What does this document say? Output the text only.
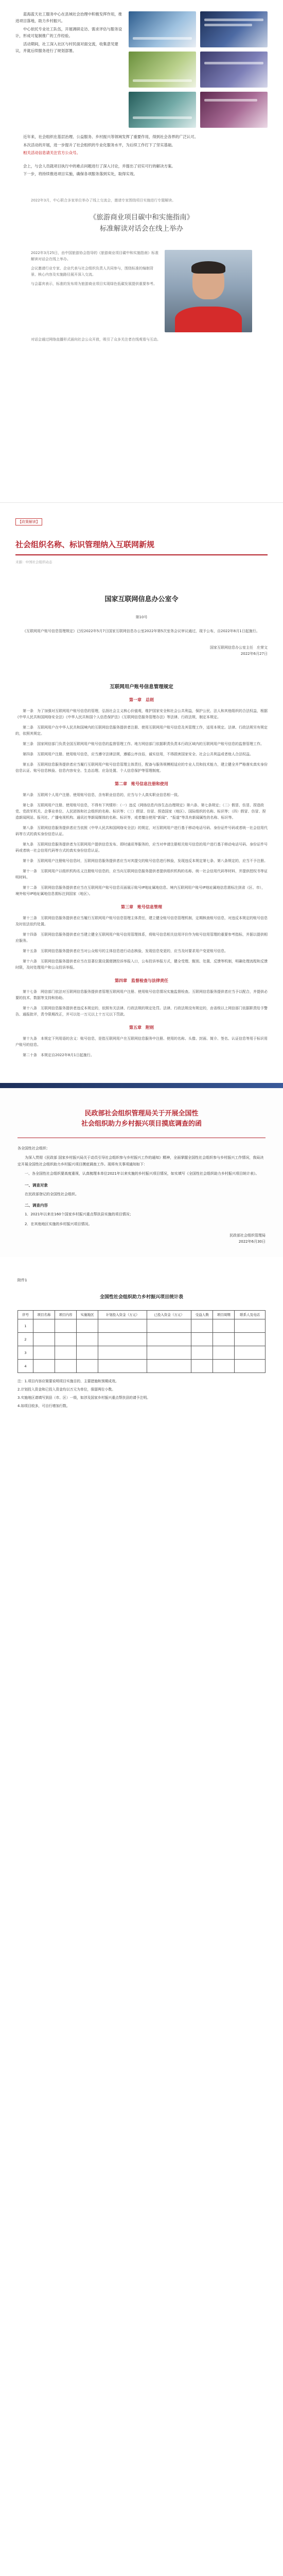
蓝海蓝天社工服务中心在县域社会治理中积极发挥作用，推进项目落地，助力乡村振兴。

中心依托专业社工队伍，开展调研走访、需求评估与服务设计，形成可复制推广的工作经验。

活动期间，社工深入社区与村民面对面交流，收集意见建议，并就后续服务进行了规划部署。

近年来，社会组织在基层治理、公益服务、乡村振兴等领域发挥了重要作用，得到社会各界的广泛认可。

本次活动的开展，进一步提升了社会组织的专业化服务水平，为后续工作打下了坚实基础。

相关活动信息请关注官方公众号。

会上，与会人员就项目执行中的难点问题进行了深入讨论，并提出了切实可行的解决方案。

下一步，将持续推进项目实施，确保各项服务落到实处，取得实效。

2022年3月，中心联合多家单位举办了线上交流会，邀请专家围绕项目实施进行专题解读。
《旅游商业项目碳中和实施指南》
标准解读对话会在线上举办

2022年3月25日，由中国旅游协会指导的《旅游商业项目碳中和实施指南》标准解读对话会在线上举办。

会议邀请行业专家、企业代表与社会组织负责人共同参与，围绕标准的编制背景、核心内容及实施路径展开深入交流。

与会嘉宾表示，标准的发布将为旅游商业项目实现绿色低碳发展提供重要参考。

对话会通过网络直播形式面向社会公众开放，吸引了众多关注者在线观看与互动。
【政策解读】
社会组织名称、标识管理纳入互联网新规
来源：中国社会组织动态
国家互联网信息办公室令
第10号
《互联网用户账号信息管理规定》已经2022年5月7日国家互联网信息办公室2022年第5次室务会议审议通过，现予公布，自2022年8月1日起施行。
国家互联网信息办公室主任　庄荣文
2022年6月27日
互联网用户账号信息管理规定
第一章　总则

第一条　为了加强对互联网用户账号信息的管理，弘扬社会主义核心价值观，维护国家安全和社会公共利益，保护公民、法人和其他组织的合法权益，根据《中华人民共和国网络安全法》《中华人民共和国个人信息保护法》《互联网信息服务管理办法》等法律、行政法规，制定本规定。

第二条　互联网用户在中华人民共和国境内的互联网信息服务提供者注册、使用互联网用户账号信息及其管理工作，适用本规定。法律、行政法规另有规定的，依照其规定。

第三条　国家网信部门负责全国互联网用户账号信息的监督管理工作。地方网信部门依据职责负责本行政区域内的互联网用户账号信息的监督管理工作。

第四条　互联网用户注册、使用账号信息，应当遵守法律法规，遵循公序良俗，诚实信用，不得损害国家安全、社会公共利益或者他人合法权益。

第五条　互联网信息服务提供者应当履行互联网用户账号信息管理主体责任，配备与服务规模相适应的专业人员和技术能力，建立健全并严格落实真实身份信息认证、账号信息核验、信息内容安全、生态治理、应急处置、个人信息保护等管理制度。

第二章　账号信息注册和使用

第六条　互联网个人用户注册、使用账号信息，含有职业信息的，应当与个人真实职业信息相一致。

第七条　互联网用户注册、使用账号信息，不得有下列情形：（一）违反《网络信息内容生态治理规定》第六条、第七条规定；（二）假冒、仿冒、捏造政党、党政军机关、企事业单位、人民团体和社会组织的名称、标识等；（三）假冒、仿冒、捏造国家（地区）、国际组织的名称、标识等；（四）假冒、仿冒、捏造新闻网站、报刊社、广播电视机构、通讯社等新闻媒体的名称、标识等，或者擅自使用“新闻”、“报道”等具有新闻属性的名称、标识等。

第八条　互联网信息服务提供者应当依照《中华人民共和国网络安全法》的规定，对互联网用户进行基于移动电话号码、身份证件号码或者统一社会信用代码等方式的真实身份信息认证。

第九条　互联网信息服务提供者为互联网用户提供信息发布、即时通讯等服务的，应当对申请注册相关账号信息的用户进行基于移动电话号码、身份证件号码或者统一社会信用代码等方式的真实身份信息认证。

第十条　互联网用户注册账号信息时，互联网信息服务提供者应当对其提交的账号信息进行核验，发现违反本规定第七条、第八条规定的，应当不予注册。

第十一条　互联网用户以组织机构名义注册账号信息的，应当向互联网信息服务提供者提供组织机构的名称、统一社会信用代码等材料，并提供授权书等证明材料。

第十二条　互联网信息服务提供者应当在互联网用户账号信息页面展示账号IP地址属地信息。境内互联网用户账号IP地址属地信息需标注到省（区、市），境外账号IP地址属地信息需标注到国家（地区）。

第三章　账号信息管理

第十三条　互联网信息服务提供者应当履行互联网用户账号信息管理主体责任，建立健全账号信息管理机制，定期核查账号信息，对违反本规定的账号信息及时依法依约处置。

第十四条　互联网信息服务提供者应当建立健全互联网用户账号信用管理体系，将账号信息相关信用评价作为账号信用管理的重要参考指标，并据以提供相应服务。

第十五条　互联网信息服务提供者应当对公众账号的主体信息进行动态核验，发现信息变更的，应当及时要求用户变更账号信息。

第十六条　互联网信息服务提供者应当在显著位置设置便捷投诉举报入口，公布投诉举报方式，健全受理、甄别、处置、反馈等机制，明确处理流程和反馈时限，及时处理用户和公众投诉举报。

第四章　监督检查与法律责任

第十七条　网信部门依法对互联网信息服务提供者管理互联网用户注册、使用账号信息情况实施监督检查。互联网信息服务提供者应当予以配合，并提供必要的技术、数据等支持和协助。

第十八条　互联网信息服务提供者违反本规定的，依照有关法律、行政法规的规定处罚。法律、行政法规没有规定的，由省级以上网信部门依据职责给予警告、通报批评，责令限期改正，并可以处一万元以上十万元以下罚款。

第五章　附则

第十九条　本规定下列用语的含义：账号信息，是指互联网用户在互联网信息服务中注册、使用的名称、头像、封面、简介、签名、认证信息等用于标识用户账号的信息。

第二十条　本规定自2022年8月1日起施行。

民政部社会组织管理局关于开展全国性
社会组织助力乡村振兴项目摸底调查的函

各全国性社会组织：

为深入贯彻《民政部 国家乡村振兴局关于动员引导社会组织参与乡村振兴工作的通知》精神，全面掌握全国性社会组织参与乡村振兴工作情况，我局决定开展全国性社会组织助力乡村振兴项目摸底调查工作。现将有关事项通知如下：

一、各全国性社会组织要高度重视，认真梳理本单位2021年以来实施的乡村振兴项目情况，如实填写《全国性社会组织助力乡村振兴项目统计表》。

一、调查对象

在民政部登记的全国性社会组织。

二、调查内容

1．2021年以来在160个国家乡村振兴重点帮扶县实施的项目情况；

2．在其他地区实施的乡村振兴项目情况。

民政部社会组织管理局
2022年6月30日
附件1
全国性社会组织助力乡村振兴项目统计表
序号	项目名称	项目内容	实施地区	计划投入资金（万元）	已投入资金（万元）	受益人数	项目周期	联系人及电话
1								
2								
3								
4								

注：1.项目内容应简要说明项目实施目的、主要措施和预期成效。

2.计划投入资金和已投入资金均以万元为单位，保留两位小数。

3.实施地区请填写到县（市、区）一级，如涉及国家乡村振兴重点帮扶县的请予注明。

4.如项目较多，可自行增加行数。
